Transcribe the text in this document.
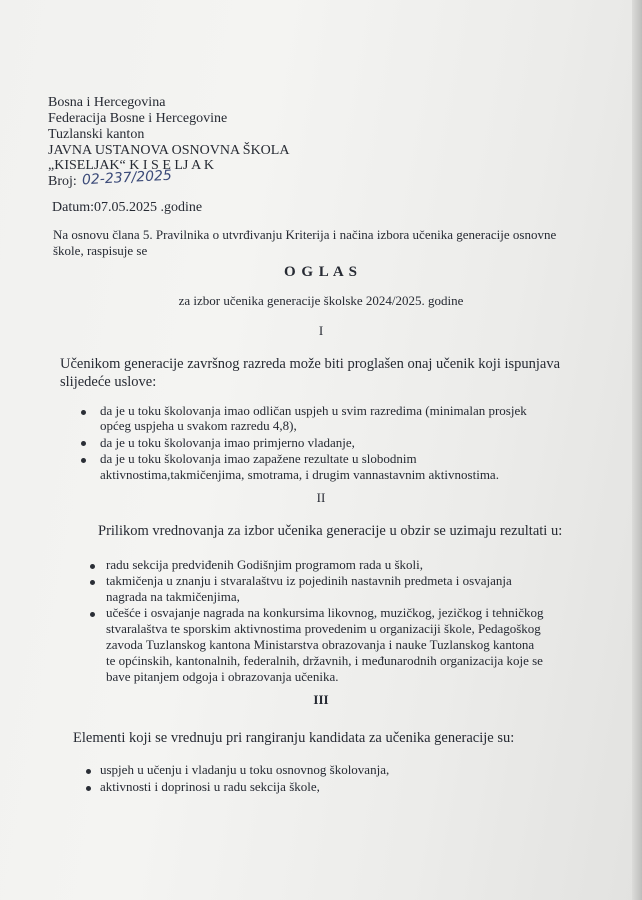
Bosna i Hercegovina
Federacija Bosne i Hercegovine
Tuzlanski kanton
JAVNA USTANOVA OSNOVNA ŠKOLA
„KISELJAK“ K I S E LJ A K
Broj: 02-237/2025
Datum:07.05.2025 .godine
Na osnovu člana 5. Pravilnika o utvrđivanju Kriterija i načina izbora učenika generacije osnovne
škole, raspisuje se
O G L A S
za izbor učenika generacije školske 2024/2025. godine
I
Učenikom generacije završnog razreda može biti proglašen onaj učenik koji ispunjava
slijedeće uslove:
da je u toku školovanja imao odličan uspjeh u svim razredima (minimalan prosjek
općeg uspjeha u svakom razredu 4,8),
da je u toku školovanja imao primjerno vladanje,
da je u toku školovanja imao zapažene rezultate u slobodnim
aktivnostima,takmičenjima, smotrama, i drugim vannastavnim aktivnostima.
II
Prilikom vrednovanja za izbor učenika generacije u obzir se uzimaju rezultati u:
radu sekcija predviđenih Godišnjim programom rada u školi,
takmičenja u znanju i stvaralaštvu iz pojedinih nastavnih predmeta i osvajanja
nagrada na takmičenjima,
učešće i osvajanje nagrada na konkursima likovnog, muzičkog, jezičkog i tehničkog
stvaralaštva te sporskim aktivnostima provedenim u organizaciji škole, Pedagoškog
zavoda Tuzlanskog kantona Ministarstva obrazovanja i nauke Tuzlanskog kantona
te općinskih, kantonalnih, federalnih, državnih, i međunarodnih organizacija koje se
bave pitanjem odgoja i obrazovanja učenika.
III
Elementi koji se vrednuju pri rangiranju kandidata za učenika generacije su:
uspjeh u učenju i vladanju u toku osnovnog školovanja,
aktivnosti i doprinosi u radu sekcija škole,
